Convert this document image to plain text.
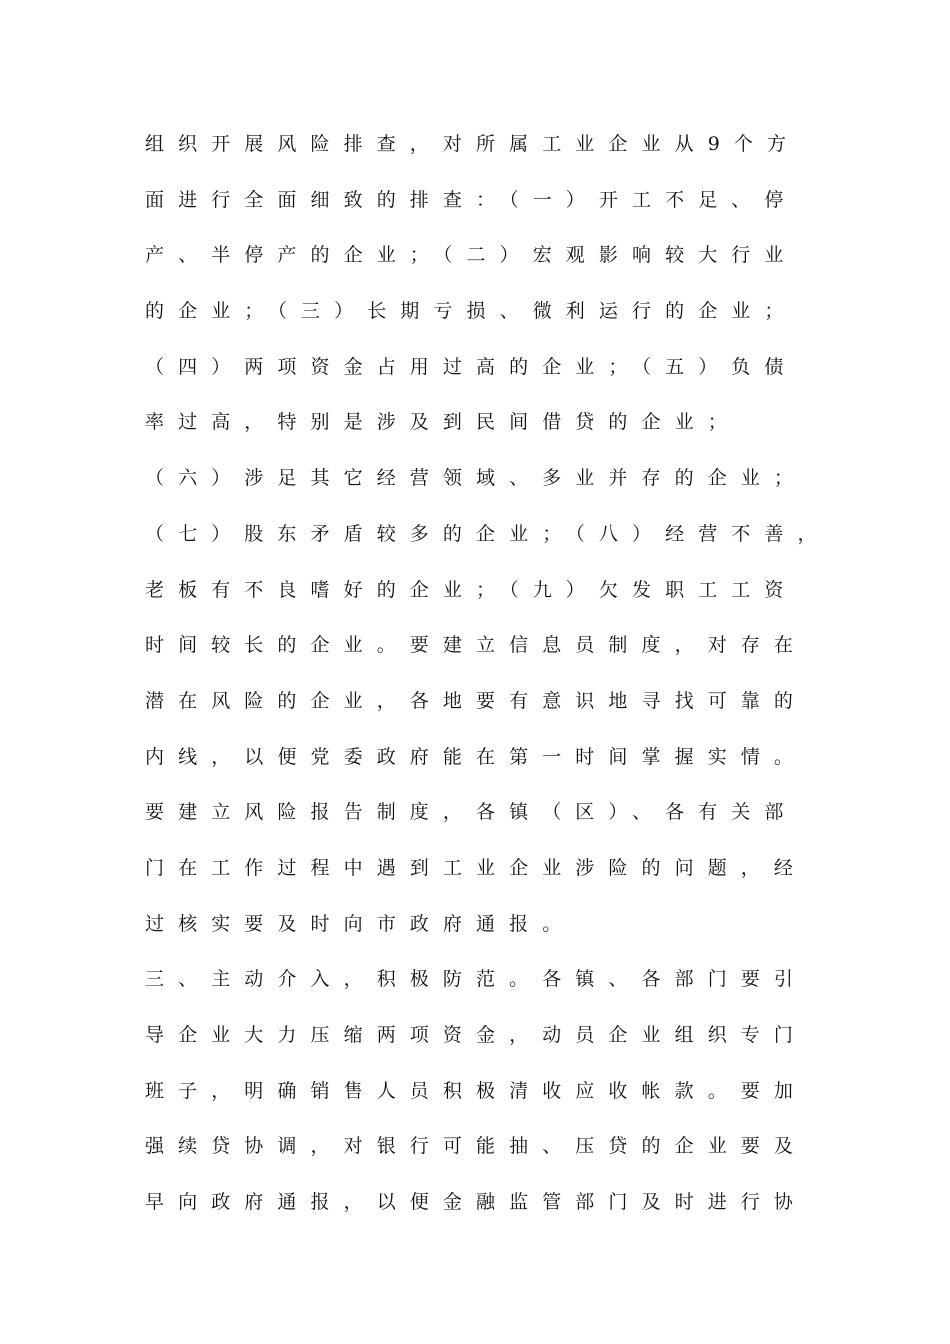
组织开展风险排查，对所属工业企业从9个方
面进行全面细致的排查：（一）开工不足、停
产、半停产的企业；（二）宏观影响较大行业
的企业；（三）长期亏损、微利运行的企业；
（四）两项资金占用过高的企业；（五）负债
率过高，特别是涉及到民间借贷的企业；
（六）涉足其它经营领域、多业并存的企业；
（七）股东矛盾较多的企业；（八）经营不善，
老板有不良嗜好的企业；（九）欠发职工工资
时间较长的企业。要建立信息员制度，对存在
潜在风险的企业，各地要有意识地寻找可靠的
内线，以便党委政府能在第一时间掌握实情。
要建立风险报告制度，各镇（区）、各有关部
门在工作过程中遇到工业企业涉险的问题，经
过核实要及时向市政府通报。
三、主动介入，积极防范。各镇、各部门要引
导企业大力压缩两项资金，动员企业组织专门
班子，明确销售人员积极清收应收帐款。要加
强续贷协调，对银行可能抽、压贷的企业要及
早向政府通报，以便金融监管部门及时进行协
